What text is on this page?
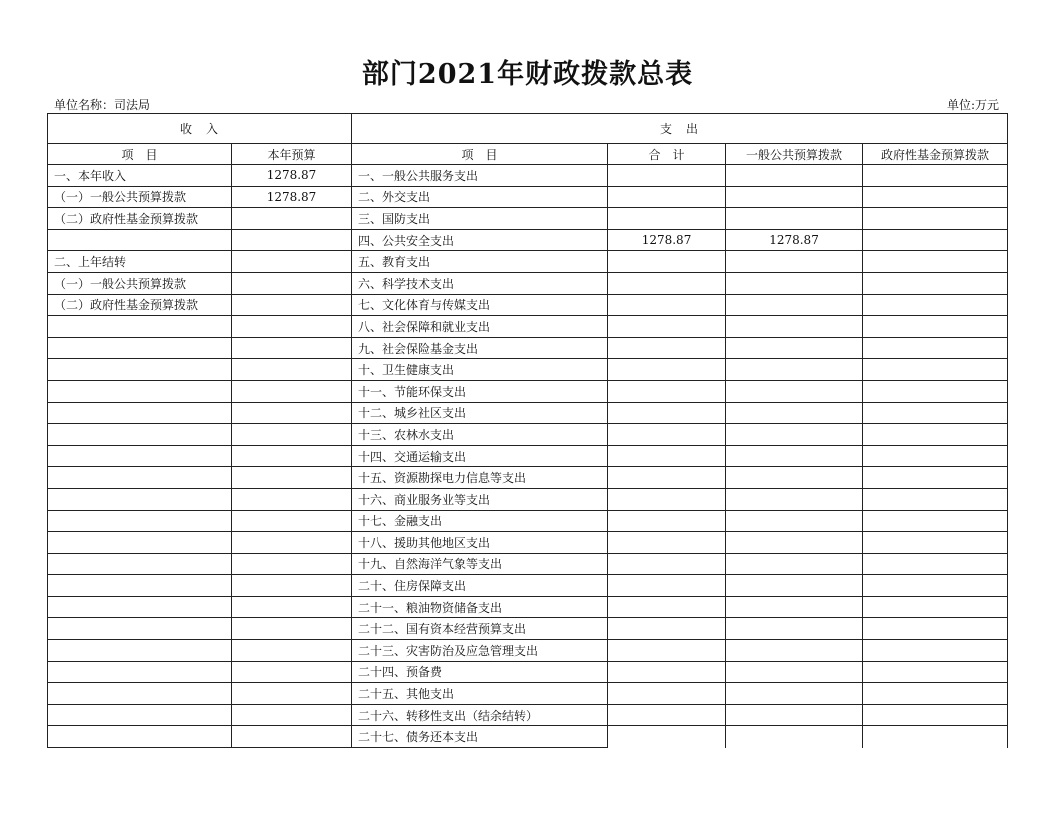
部门2021年财政拨款总表
单位名称：司法局	单位:万元
收　入		支　出			
项　目	本年预算	项　目	合　计	一般公共预算拨款	政府性基金预算拨款
一、本年收入	1278.87	一、一般公共服务支出			
（一）一般公共预算拨款	1278.87	二、外交支出			
（二）政府性基金预算拨款		三、国防支出			
		四、公共安全支出	1278.87	1278.87	
二、上年结转		五、教育支出			
（一）一般公共预算拨款		六、科学技术支出			
（二）政府性基金预算拨款		七、文化体育与传媒支出			
		八、社会保障和就业支出			
		九、社会保险基金支出			
		十、卫生健康支出			
		十一、节能环保支出			
		十二、城乡社区支出			
		十三、农林水支出			
		十四、交通运输支出			
		十五、资源勘探电力信息等支出			
		十六、商业服务业等支出			
		十七、金融支出			
		十八、援助其他地区支出			
		十九、自然海洋气象等支出			
		二十、住房保障支出			
		二十一、粮油物资储备支出			
		二十二、国有资本经营预算支出			
		二十三、灾害防治及应急管理支出			
		二十四、预备费			
		二十五、其他支出			
		二十六、转移性支出（结余结转）			
		二十七、债务还本支出			
